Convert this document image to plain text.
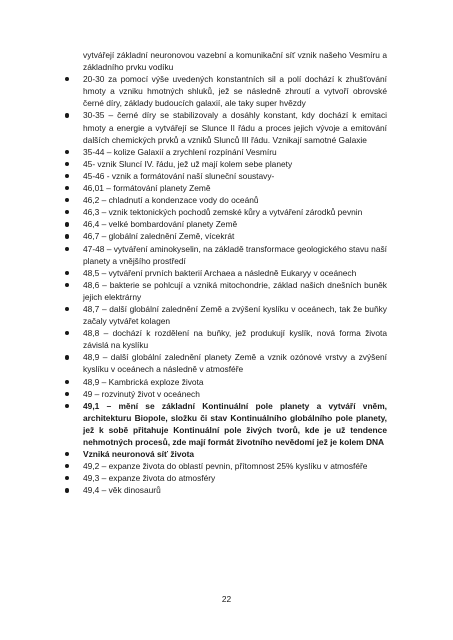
vytvářejí základní neuronovou vazební a komunikační síť vznik našeho Vesmíru a základního prvku vodíku
20-30 za pomocí výše uvedených konstantních sil a polí dochází k zhušťování hmoty a vzniku hmotných shluků, jež se následně zhroutí a vytvoří obrovské černé díry, základy budoucích galaxií, ale taky super hvězdy
30-35 – černé díry se stabilizovaly a dosáhly konstant, kdy dochází k emitaci hmoty a energie a vytvářejí se Slunce II řádu a proces jejich vývoje a emitování dalších chemických prvků a vzniků Slunců III řádu. Vznikají samotné Galaxie
35-44 – kolize Galaxií a zrychlení rozpínání Vesmíru
45- vznik Sluncí IV. řádu, jež už mají kolem sebe planety
45-46 - vznik a formátování naší sluneční soustavy-
46,01 – formátování planety Země
46,2 – chladnutí a kondenzace vody do oceánů
46,3 – vznik tektonických pochodů zemské kůry a vytváření zárodků pevnin
46,4 – velké bombardování planety Země
46,7 – globální zalednění Země, vícekrát
47-48 – vytváření aminokyselin, na základě transformace geologického stavu naší planety a vnějšího prostředí
48,5 – vytváření prvních bakterií Archaea a následně Eukaryy v oceánech
48,6 – bakterie se pohlcují a vzniká mitochondrie, základ našich dnešních buněk jejich elektrárny
48,7 – další globální zalednění Země a zvýšení kyslíku v oceánech, tak že buňky začaly vytvářet kolagen
48,8 – dochází k rozdělení na buňky, jež produkují kyslík, nová forma života závislá na kyslíku
48,9 – další globální zalednění planety Země a vznik ozónové vrstvy a zvýšení kyslíku v oceánech a následně v atmosféře
48,9 – Kambrická exploze života
49 – rozvinutý život v oceánech
49,1 – mění se základní Kontinuální pole planety a vytváří vněm, architekturu Biopole, složku či stav Kontinuálního globálního pole planety, jež k sobě přitahuje Kontinuální pole živých tvorů, kde je už tendence nehmotných procesů, zde mají formát životního nevědomí jež je kolem DNA
Vzniká neuronová síť života
49,2 – expanze života do oblastí pevnin, přítomnost 25% kyslíku v atmosféře
49,3 – expanze života do atmosféry
49,4 – věk dinosaurů
22
